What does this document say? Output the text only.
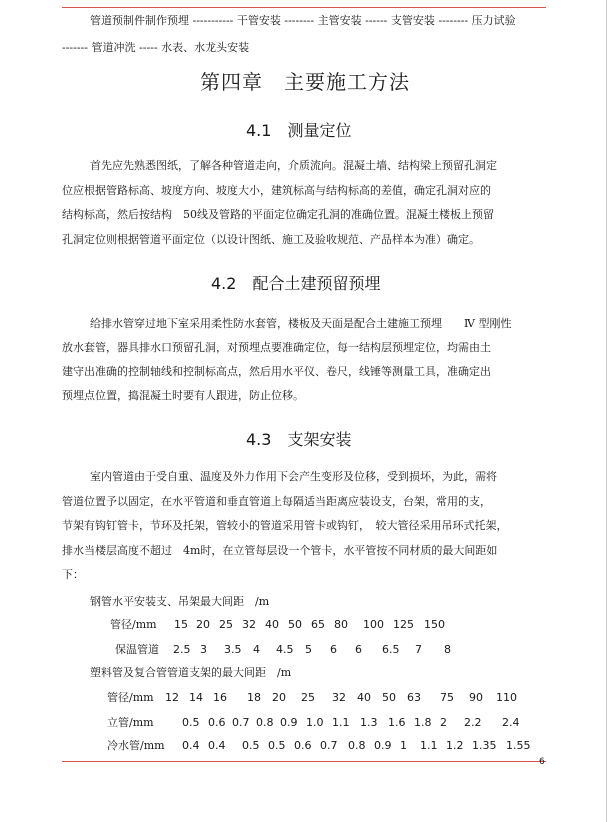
管道预制件制作预埋 ----------- 干管安装 -------- 主管安装 ------ 支管安装 -------- 压力试验
------- 管道冲洗 ----- 水表、水龙头安装
第四章　主要施工方法
4.1　测量定位
首先应先熟悉图纸，了解各种管道走向，介质流向。混凝土墙、结构梁上预留孔洞定
位应根据管路标高、坡度方向、坡度大小，建筑标高与结构标高的差值，确定孔洞对应的
结构标高，然后按结构　50线及管路的平面定位确定孔洞的准确位置。混凝土楼板上预留
孔洞定位则根据管道平面定位（以设计图纸、施工及验收规范、产品样本为准）确定。
4.2　配合土建预留预埋
给排水管穿过地下室采用柔性防水套管，楼板及天面是配合土建施工预埋　　Ⅳ 型刚性
放水套管，器具排水口预留孔洞，对预埋点要准确定位，每一结构层预埋定位，均需由土
建守出准确的控制轴线和控制标高点，然后用水平仪、卷尺，线锤等测量工具，准确定出
预埋点位置，捣混凝土时要有人跟进，防止位移。
4.3　支架安装
室内管道由于受自重、温度及外力作用下会产生变形及位移，受到损坏，为此，需将
管道位置予以固定，在水平管道和垂直管道上每隔适当距离应装设支，台架，常用的支，
节架有钩钉管卡，节环及托架，管较小的管道采用管卡或钩钉，　较大管径采用吊环式托架，
排水当楼层高度不超过　4m时，在立管每层设一个管卡，水平管按不同材质的最大间距如
下：
钢管水平安装支、吊架最大间距　/m
管径/mm	15 20 25 32 40 50 65 80	100 125 150
保温管道	2.5 3	3.5	4	4.5	5	6	6	6.5	7	8
塑料管及复合管管道支架的最大间距　/m
管径/mm	12 14 16	18	20	25	32	40	50	63	75	90	110
立管/mm	0.5 0.6 0.7 0.8 0.9 1.0 1.1 1.3 1.6 1.8 2	2.2	2.4
冷水管/mm	0.4 0.4	0.5 0.5 0.6 0.7 0.8 0.9 1	1.1 1.2 1.35 1.55
6
